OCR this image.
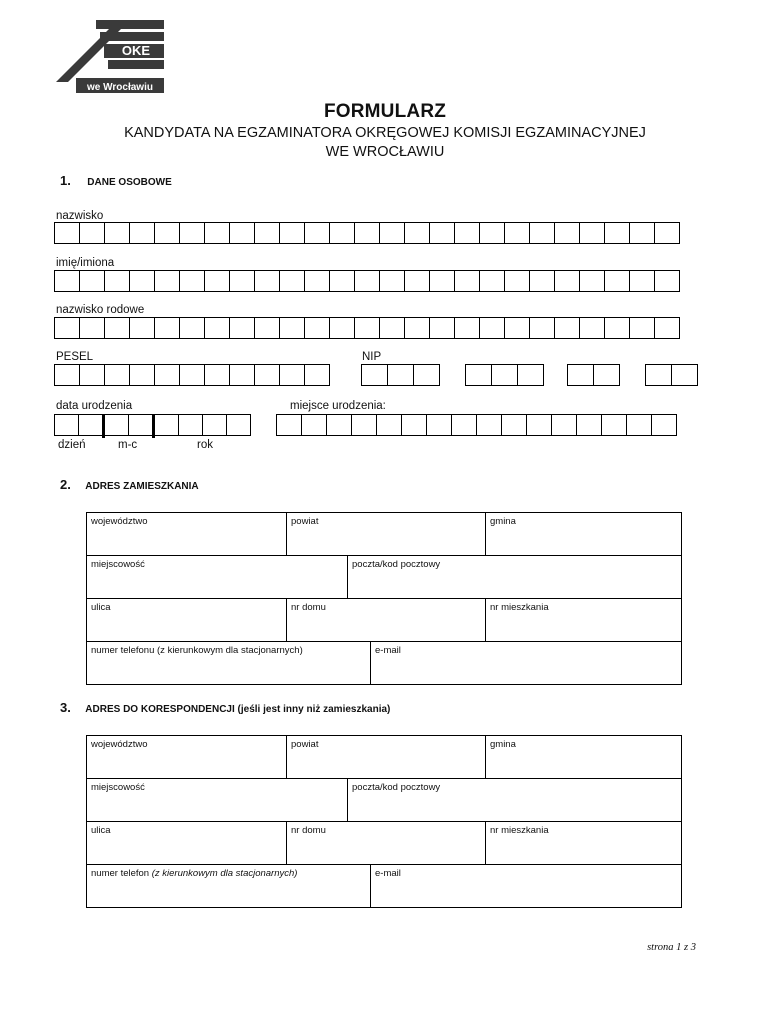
OKE
we Wrocławiu
FORMULARZ
KANDYDATA NA EGZAMINATORA OKRĘGOWEJ KOMISJI EGZAMINACYJNEJ
WE WROCŁAWIU
1. DANE OSOBOWE
nazwisko
imię/imiona
nazwisko rodowe
PESEL	NIP
data urodzenia	miejsce urodzenia:
dzień	m-c	rok
2. ADRES ZAMIESZKANIA
województwo	powiat	gmina
miejscowość	poczta/kod pocztowy
ulica	nr domu	nr mieszkania
numer telefonu (z kierunkowym dla stacjonarnych)	e-mail
3. ADRES DO KORESPONDENCJI (jeśli jest inny niż zamieszkania)
województwo	powiat	gmina
miejscowość	poczta/kod pocztowy
ulica	nr domu	nr mieszkania
numer telefon (z kierunkowym dla stacjonarnych)	e-mail
strona 1 z 3
